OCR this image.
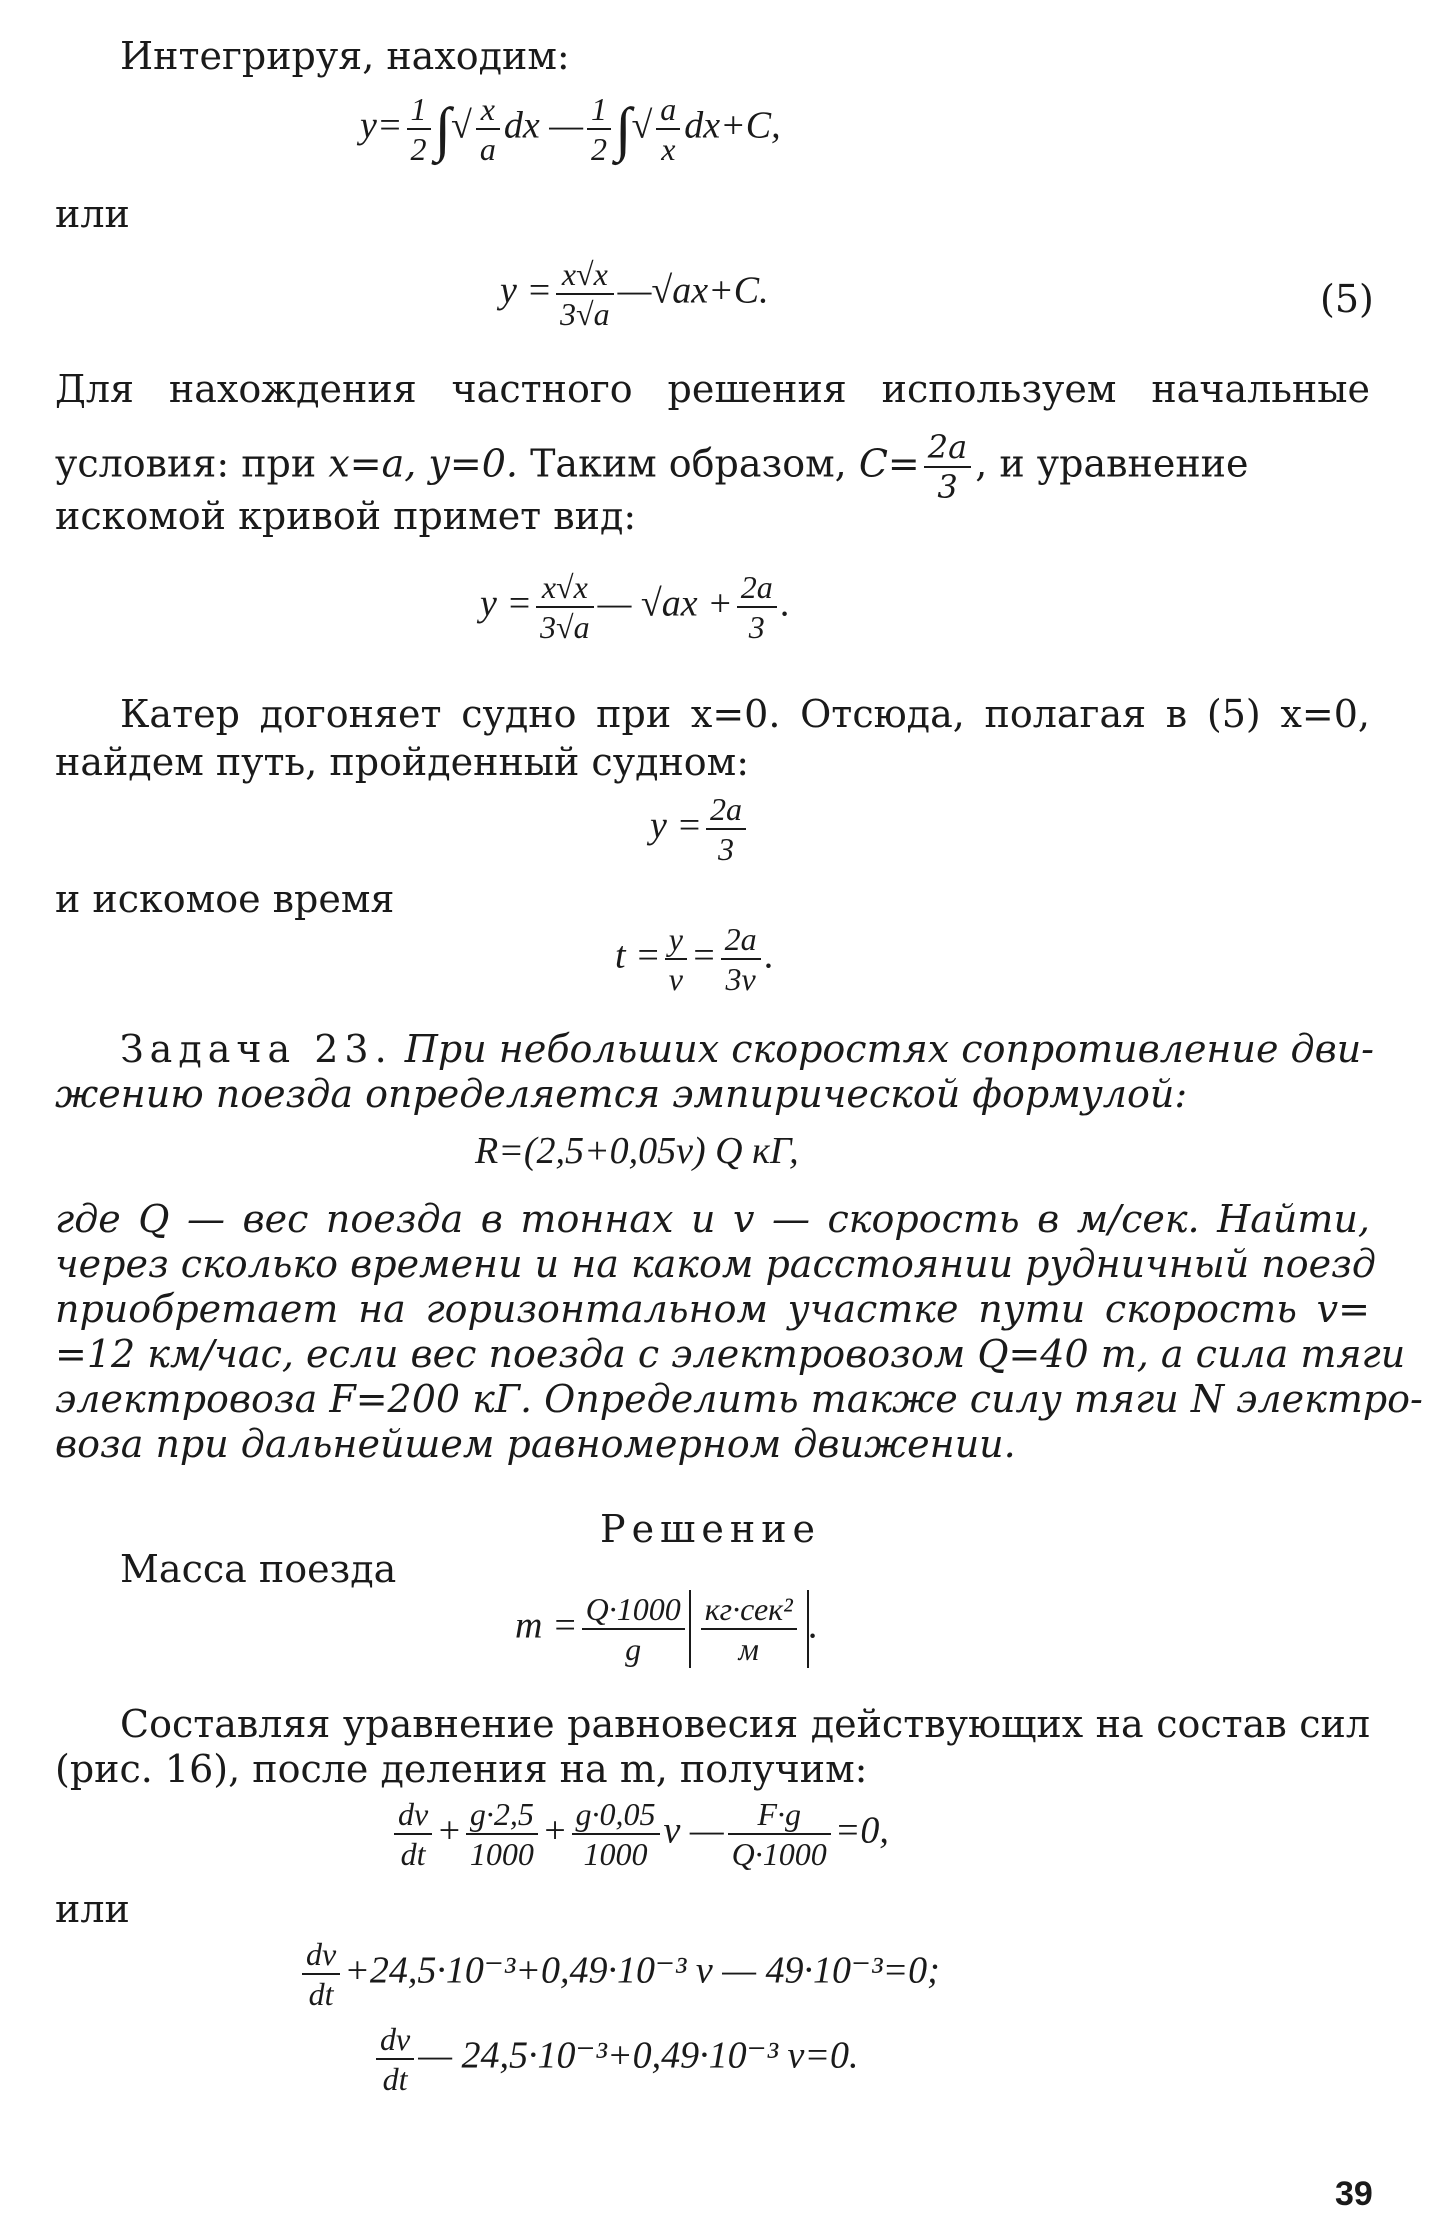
Интегрируя, находим:
$y= \frac{1}{2}$ ∫√ $\frac{x}{a}$ dx — $\frac{1}{2}$ ∫√ $\frac{a}{x} dx+C$,
или
$y = \frac{x√x}{3√a}$ —√ax+C.	(5)
Для нахождения частного решения используем начальные
условия: при x=a, y=0. Таким образом, $C= \frac{2a}{3}$ , и уравнение
искомой кривой примет вид:
$y = \frac{x√x}{3√a}$ — $√ax + \frac{2a}{3}$ .
Катер догоняет судно при x=0. Отсюда, полагая в (5) x=0,
найдем путь, пройденный судном:
$y = \frac{2a}{3}$
и искомое время
$t = \frac{y}{v} = \frac{2a}{3v}$ .
Задача 23. При небольших скоростях сопротивление дви-
жению поезда определяется эмпирической формулой:
R=(2,5+0,05v) Q кГ,
где Q — вес поезда в тоннах и v — скорость в м/сек. Найти,
через сколько времени и на каком расстоянии рудничный поезд
приобретает на горизонтальном участке пути скорость v=
=12 км/час, если вес поезда с электровозом Q=40 т, а сила тяги
электровоза F=200 кГ. Определить также силу тяги N электро-
воза при дальнейшем равномерном движении.
Решение
Масса поезда
$m = \frac{Q\cdot 1000}{g} \frac{\text{кг·сек²}}{м}$ .
Составляя уравнение равновесия действующих на состав сил
(рис. 16), после деления на m, получим:
$\frac{dv}{dt} + \frac{g\cdot 2,5}{1000} + \frac{g\cdot 0,05}{1000}$ v — $\frac{F\cdot g}{Q\cdot 1000} =0$,
или
$\frac{dv}{dt} +24,5\cdot 10^{-3}+0,49\cdot 10^{-3}$ v — 49·10⁻³=0;
$\frac{dv}{dt}$ — 24,5·10⁻³+0,49·10⁻³ v=0.
39
